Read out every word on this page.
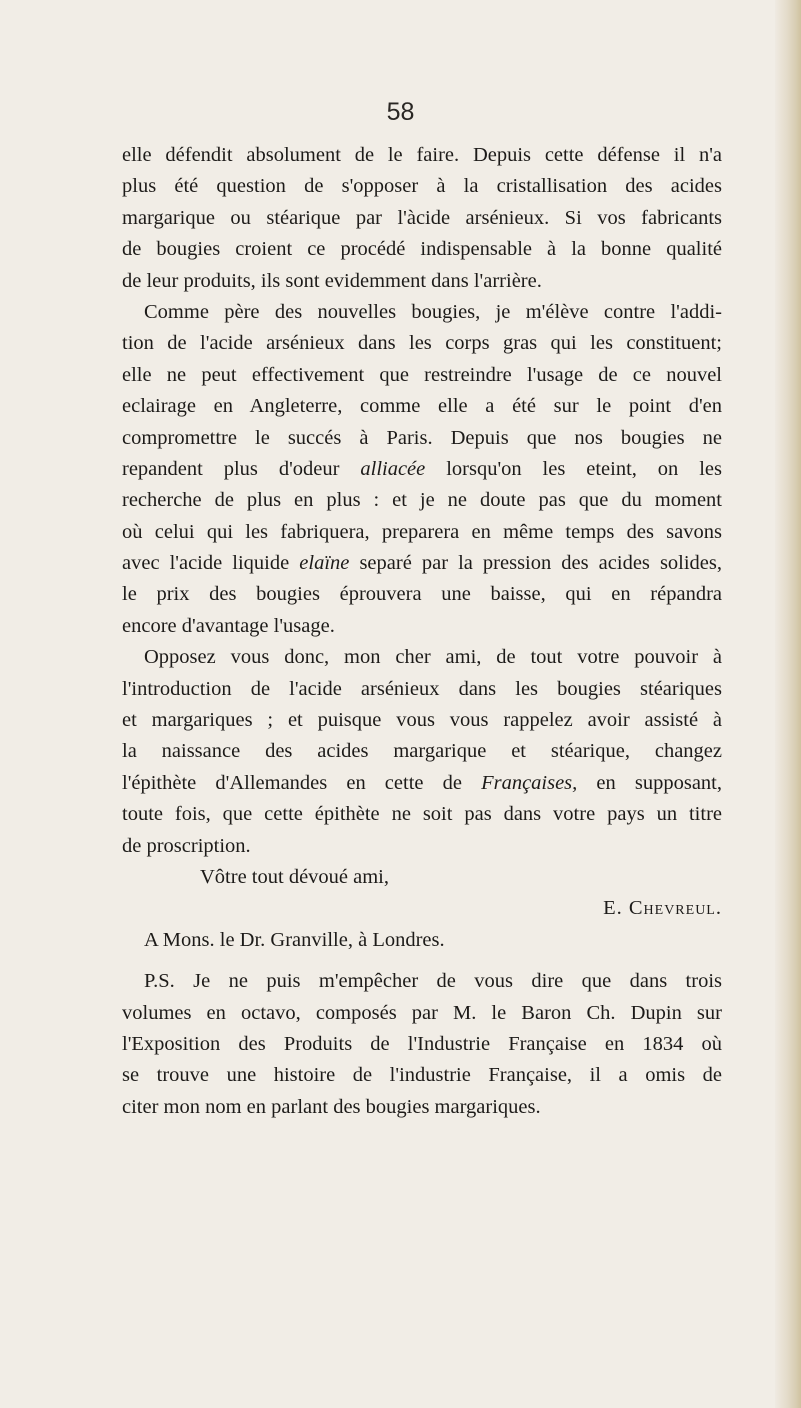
58
elle défendit absolument de le faire. Depuis cette défense il n'a
plus été question de s'opposer à la cristallisation des acides
margarique ou stéarique par l'àcide arsénieux. Si vos fabricants
de bougies croient ce procédé indispensable à la bonne qualité
de leur produits, ils sont evidemment dans l'arrière.
Comme père des nouvelles bougies, je m'élève contre l'addi-
tion de l'acide arsénieux dans les corps gras qui les constituent;
elle ne peut effectivement que restreindre l'usage de ce nouvel
eclairage en Angleterre, comme elle a été sur le point d'en
compromettre le succés à Paris. Depuis que nos bougies ne
repandent plus d'odeur alliacée lorsqu'on les eteint, on les
recherche de plus en plus : et je ne doute pas que du moment
où celui qui les fabriquera, preparera en même temps des savons
avec l'acide liquide elaïne separé par la pression des acides solides,
le prix des bougies éprouvera une baisse, qui en répandra
encore d'avantage l'usage.
Opposez vous donc, mon cher ami, de tout votre pouvoir à
l'introduction de l'acide arsénieux dans les bougies stéariques
et margariques ; et puisque vous vous rappelez avoir assisté à
la naissance des acides margarique et stéarique, changez
l'épithète d'Allemandes en cette de Françaises, en supposant,
toute fois, que cette épithète ne soit pas dans votre pays un titre
de proscription.
Vôtre tout dévoué ami,
E. Chevreul.
A Mons. le Dr. Granville, à Londres.
P.S. Je ne puis m'empêcher de vous dire que dans trois
volumes en octavo, composés par M. le Baron Ch. Dupin sur
l'Exposition des Produits de l'Industrie Française en 1834 où
se trouve une histoire de l'industrie Française, il a omis de
citer mon nom en parlant des bougies margariques.
